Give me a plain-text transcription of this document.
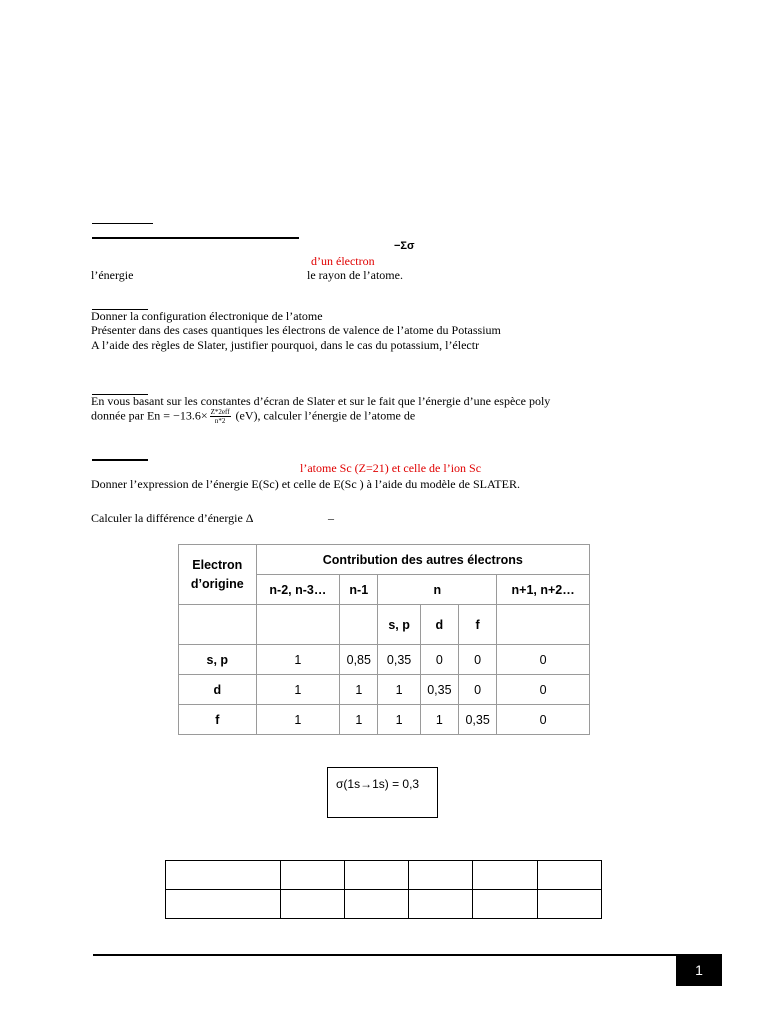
−Σσ
d’un électron
l’énergie	le rayon de l’atome.
Donner la configuration électronique de l’atome
Présenter dans des cases quantiques les électrons de valence de l’atome du Potassium
A l’aide des règles de Slater, justifier pourquoi, dans le cas du potassium, l’électr
En vous basant sur les constantes d’écran de Slater et sur le fait que l’énergie d’une espèce poly
donnée par $En = -13.6\times \frac{\text{Z*2eff}}{n*2} (eV)$, calculer l’énergie de l’atome de
l’atome Sc (Z=21) et celle de l’ion Sc
Donner l’expression de l’énergie E(Sc) et celle de E(Sc ) à l’aide du modèle de SLATER.
Calculer la différence d’énergie Δ	–
Electron d’origine	Contribution des autres électrons					
	n-2, n-3…	n-1	n			n+1, n+2…
			s, p	d	f	
s, p	1	0,85	0,35	0	0	0
d	1	1	1	0,35	0	0
f	1	1	1	1	0,35	0
σ(1s→1s) = 0,3

1
